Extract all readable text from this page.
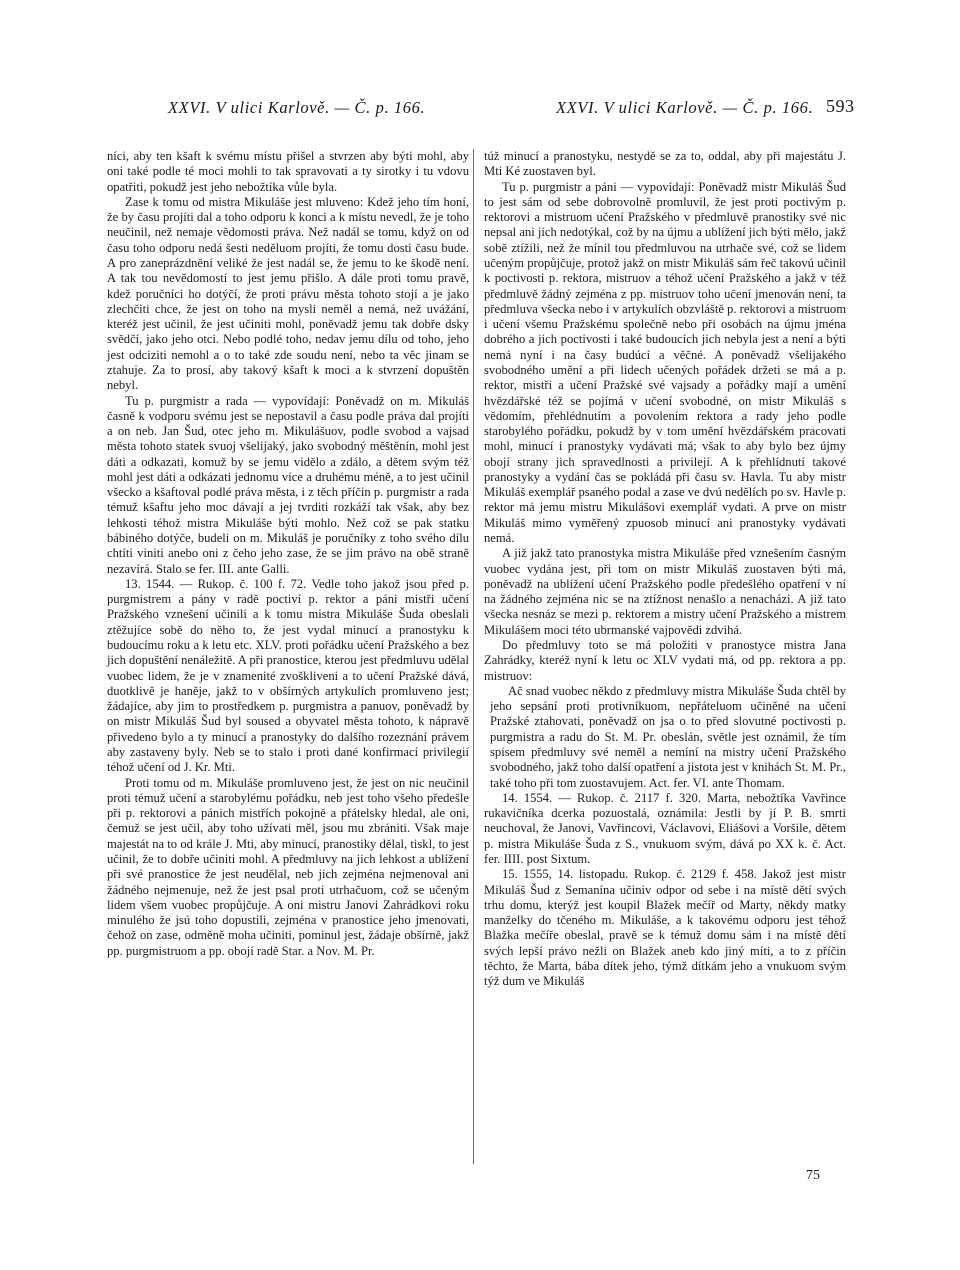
XXVI. V ulici Karlově. — Č. p. 166.	XXVI. V ulici Karlově. — Č. p. 166. 593

níci, aby ten kšaft k svému místu přišel a stvrzen aby býti mohl, aby oni také podle té moci mohli to tak spravovati a ty sirotky i tu vdovu opatřiti, pokudž jest jeho nebožtíka vůle byla.

Zase k tomu od mistra Mikuláše jest mluveno: Kdež jeho tím honí, že by času projíti dal a toho odporu k konci a k místu nevedl, že je toho neučinil, než nemaje vědomosti práva. Než nadál se tomu, když on od času toho odporu nedá šesti neděluom projíti, že tomu dosti času bude. A pro zaneprázdnění veliké že jest nadál se, že jemu to ke škodě není. A tak tou nevědomostí to jest jemu přišlo. A dále proti tomu pravě, kdež poručníci ho dotýčí, že proti právu města tohoto stojí a je jako zlechčiti chce, že jest on toho na mysli neměl a nemá, než uvážání, kteréž jest učinil, že jest učiniti mohl, poněvadž jemu tak dobře dsky svědčí, jako jeho otci. Nebo podlé toho, nedav jemu dílu od toho, jeho jest odciziti nemohl a o to také zde soudu není, nebo ta věc jinam se ztahuje. Za to prosí, aby takový kšaft k moci a k stvrzení dopuštěn nebyl.

Tu p. purgmistr a rada — vypovídají: Poněvadž on m. Mikuláš časně k vodporu svému jest se nepostavil a času podle práva dal projíti a on neb. Jan Šud, otec jeho m. Mikulášuov, podle svobod a vajsad města tohoto statek svuoj všelijaký, jako svobodný měštěnín, mohl jest dáti a odkazati, komuž by se jemu vidělo a zdálo, a dětem svým též mohl jest dáti a odkázati jednomu více a druhému méně, a to jest učinil všecko a kšaftoval podlé práva města, i z těch příčin p. purgmistr a rada témuž kšaftu jeho moc dávají a jej tvrditi rozkáží tak však, aby bez lehkosti téhož mistra Mikuláše býti mohlo. Než což se pak statku bábiného dotýče, budeli on m. Mikuláš je poručníky z toho svého dílu chtíti viniti anebo oni z čeho jeho zase, že se jim právo na obě straně nezavírá. Stalo se fer. III. ante Galli.

13. 1544. — Rukop. č. 100 f. 72. Vedle toho jakož jsou před p. purgmistrem a pány v radě poctiví p. rektor a páni mistři učení Pražského vznešení učinili a k tomu mistra Mikuláše Šuda obeslali ztěžujíce sobě do něho to, že jest vydal minucí a pranostyku k budoucímu roku a k letu etc. XLV. proti pořádku učení Pražského a bez jich dopuštění nenáležitě. A při pranostice, kterou jest předmluvu udělal vuobec lidem, že je v znamenité zvoškliveni a to učení Pražské dává, duotklivě je haněje, jakž to v obšírných artykulích promluveno jest; žádajíce, aby jim to prostředkem p. purgmistra a panuov, poněvadž by on mistr Mikuláš Šud byl soused a obyvatel města tohoto, k nápravě přivedeno bylo a ty minucí a pranostyky do dalšího rozeznání právem aby zastaveny byly. Neb se to stalo i proti dané konfirmací privilegií téhož učení od J. Kr. Mti.

Proti tomu od m. Mikuláše promluveno jest, že jest on nic neučinil proti témuž učení a starobylému pořádku, neb jest toho všeho předešle při p. rektorovi a pánich mistřích pokojně a přátelsky hledal, ale oni, čemuž se jest učil, aby toho užívati měl, jsou mu zbrániti. Však maje majestát na to od krále J. Mti, aby minucí, pranostiky dělal, tiskl, to jest učinil, že to dobře učiniti mohl. A předmluvy na jich lehkost a ublížení při své pranostice že jest neudělal, neb jich zejména nejmenoval ani žádného nejmenuje, než že jest psal proti utrhačuom, což se učeným lidem všem vuobec propůjčuje. A oni mistru Janovi Zahrádkovi roku minulého že jsú toho dopustili, zejména v pranostice jeho jmenovati, čehož on zase, odměně moha učiniti, pominul jest, žádaje obšírně, jakž pp. purgmistruom a pp. obojí radě Star. a Nov. M. Pr.

túž minucí a pranostyku, nestydě se za to, oddal, aby při majestátu J. Mti Ké zuostaven byl.

Tu p. purgmistr a páni — vypovídají: Poněvadž mistr Mikuláš Šud to jest sám od sebe dobrovolně promluvil, že jest proti poctivým p. rektorovi a mistruom učení Pražského v předmluvě pranostiky své nic nepsal ani jich nedotýkal, což by na újmu a ublížení jich býti mělo, jakž sobě ztížili, než že mínil tou předmluvou na utrhače své, což se lidem učeným propůjčuje, protož jakž on mistr Mikuláš sám řeč takovú učinil k poctivosti p. rektora, mistruov a téhož učení Pražského a jakž v též předmluvě žádný zejména z pp. mistruov toho učení jmenován není, ta předmluva všecka nebo i v artykulích obzvláště p. rektorovi a mistruom i učení všemu Pražskému společně nebo při osobách na újmu jména dobrého a jich poctivosti i také budoucích jich nebyla jest a není a býti nemá nyní i na časy budúcí a věčné. A poněvadž všelijakého svobodného umění a při lidech učených pořádek držeti se má a p. rektor, mistři a učení Pražské své vajsady a pořádky mají a umění hvězdářské též se pojímá v učení svobodné, on mistr Mikuláš s vědomím, přehlédnutím a povolením rektora a rady jeho podle starobylého pořádku, pokudž by v tom umění hvězdářském pracovati mohl, minucí i pranostyky vydávati má; však to aby bylo bez újmy obojí strany jich spravedlnosti a privilejí. A k přehlídnutí takové pranostyky a vydání čas se pokládá při času sv. Havla. Tu aby mistr Mikuláš exemplář psaného podal a zase ve dvú nedělích po sv. Havle p. rektor má jemu mistru Mikulášovi exemplář vydati. A prve on mistr Mikuláš mimo vyměřený zpuosob minucí ani pranostyky vydávati nemá.

A již jakž tato pranostyka mistra Mikuláše před vznešením časným vuobec vydána jest, při tom on mistr Mikuláš zuostaven býti má, poněvadž na ublížení učení Pražského podle předešlého opatření v ní na žádného zejména nic se na ztížnost nenašlo a nenacházi. A již tato všecka nesnáz se mezi p. rektorem a mistry učení Pražského a mistrem Mikulášem moci této ubrmanské vajpovědi zdvihá.

Do předmluvy toto se má položiti v pranostyce mistra Jana Zahrádky, kteréž nyní k letu oc XLV vydati má, od pp. rektora a pp. mistruov:

Ač snad vuobec někdo z předmluvy mistra Mikuláše Šuda chtěl by jeho sepsání proti protivníkuom, nepřáteluom učiněné na učení Pražské ztahovati, poněvadž on jsa o to před slovutné poctivosti p. purgmistra a radu do St. M. Pr. obeslán, světle jest oznámil, že tím spisem předmluvy své neměl a nemíní na mistry učení Pražského svobodného, jakž toho další opatření a jistota jest v knihách St. M. Pr., také toho při tom zuostavujem. Act. fer. VI. ante Thomam.

14. 1554. — Rukop. č. 2117 f. 320. Marta, nebožtíka Vavřince rukavičníka dcerka pozuostalá, oznámila: Jestli by jí P. B. smrti neuchoval, že Janovi, Vavřincovi, Václavovi, Eliášovi a Voršile, dětem p. mistra Mikuláše Šuda z S., vnukuom svým, dává po XX k. č. Act. fer. IIII. post Sixtum.

15. 1555, 14. listopadu. Rukop. č. 2129 f. 458. Jakož jest mistr Mikuláš Šud z Semanína učiniv odpor od sebe i na místě dětí svých trhu domu, kterýž jest koupil Blažek mečíř od Marty, někdy matky manželky do tčeného m. Mikuláše, a k takovému odporu jest téhož Blažka mečíře obeslal, pravě se k témuž domu sám i na místě dětí svých lepší právo nežli on Blažek aneb kdo jiný míti, a to z příčin těchto, že Marta, bába dítek jeho, týmž dítkám jeho a vnukuom svým týž dum ve Mikuláš

75
